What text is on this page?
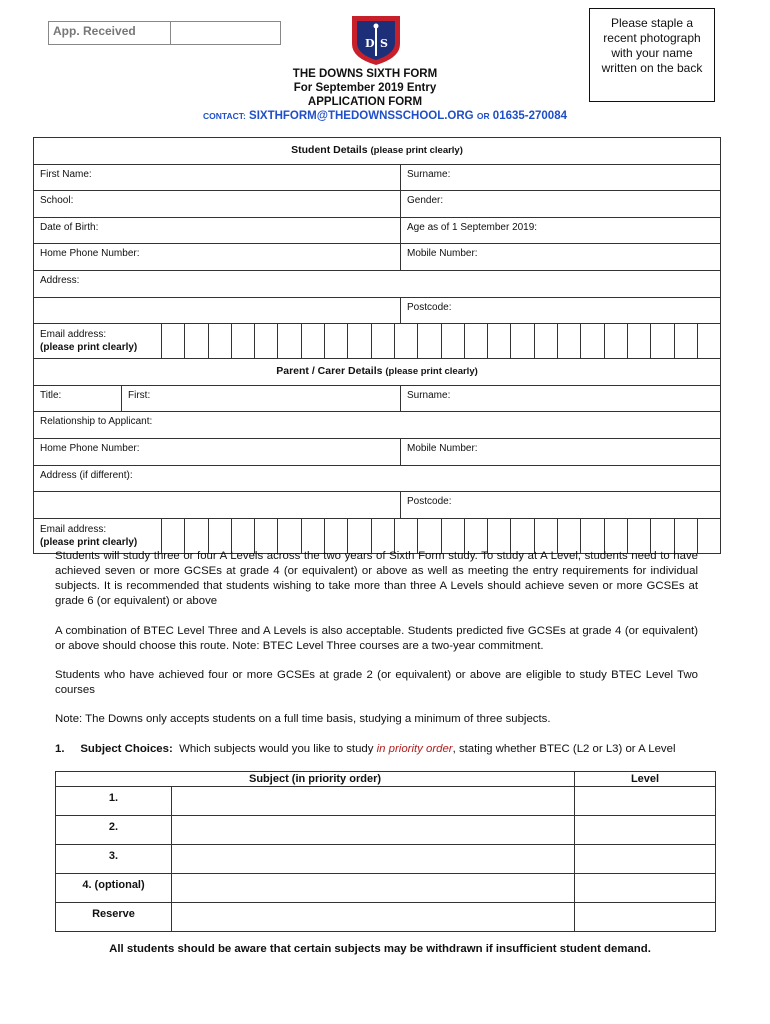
App. Received
D S
Please staple a
recent photograph
with your name
written on the back
THE DOWNS SIXTH FORM
For September 2019 Entry
APPLICATION FORM
CONTACT: SIXTHFORM@THEDOWNSSCHOOL.ORG OR 01635-270084
Student Details (please print clearly)		
First Name:		Surname:
School:		Gender:
Date of Birth:		Age as of 1 September 2019:
Home Phone Number:		Mobile Number:
Address:		
		Postcode:

Email address:
(please print clearly)		

Parent / Carer Details (please print clearly)		
Title:	First:	Surname:
Relationship to Applicant:		
Home Phone Number:		Mobile Number:
Address (if different):		
		Postcode:

Email address:
(please print clearly)		
Students will study three or four A Levels across the two years of Sixth Form study. To study at A Level, students need to have achieved seven or more GCSEs at grade 4 (or equivalent) or above as well as meeting the entry requirements for individual subjects. It is recommended that students wishing to take more than three A Levels should achieve seven or more GCSEs at grade 6 (or equivalent) or above
A combination of BTEC Level Three and A Levels is also acceptable. Students predicted five GCSEs at grade 4 (or equivalent) or above should choose this route. Note: BTEC Level Three courses are a two-year commitment.
Students who have achieved four or more GCSEs at grade 2 (or equivalent) or above are eligible to study BTEC Level Two courses
Note: The Downs only accepts students on a full time basis, studying a minimum of three subjects.
1. Subject Choices: Which subjects would you like to study in priority order, stating whether BTEC (L2 or L3) or A Level
Subject (in priority order)		Level
1.		
2.		
3.		
4. (optional)		
Reserve		
All students should be aware that certain subjects may be withdrawn if insufficient student demand.
